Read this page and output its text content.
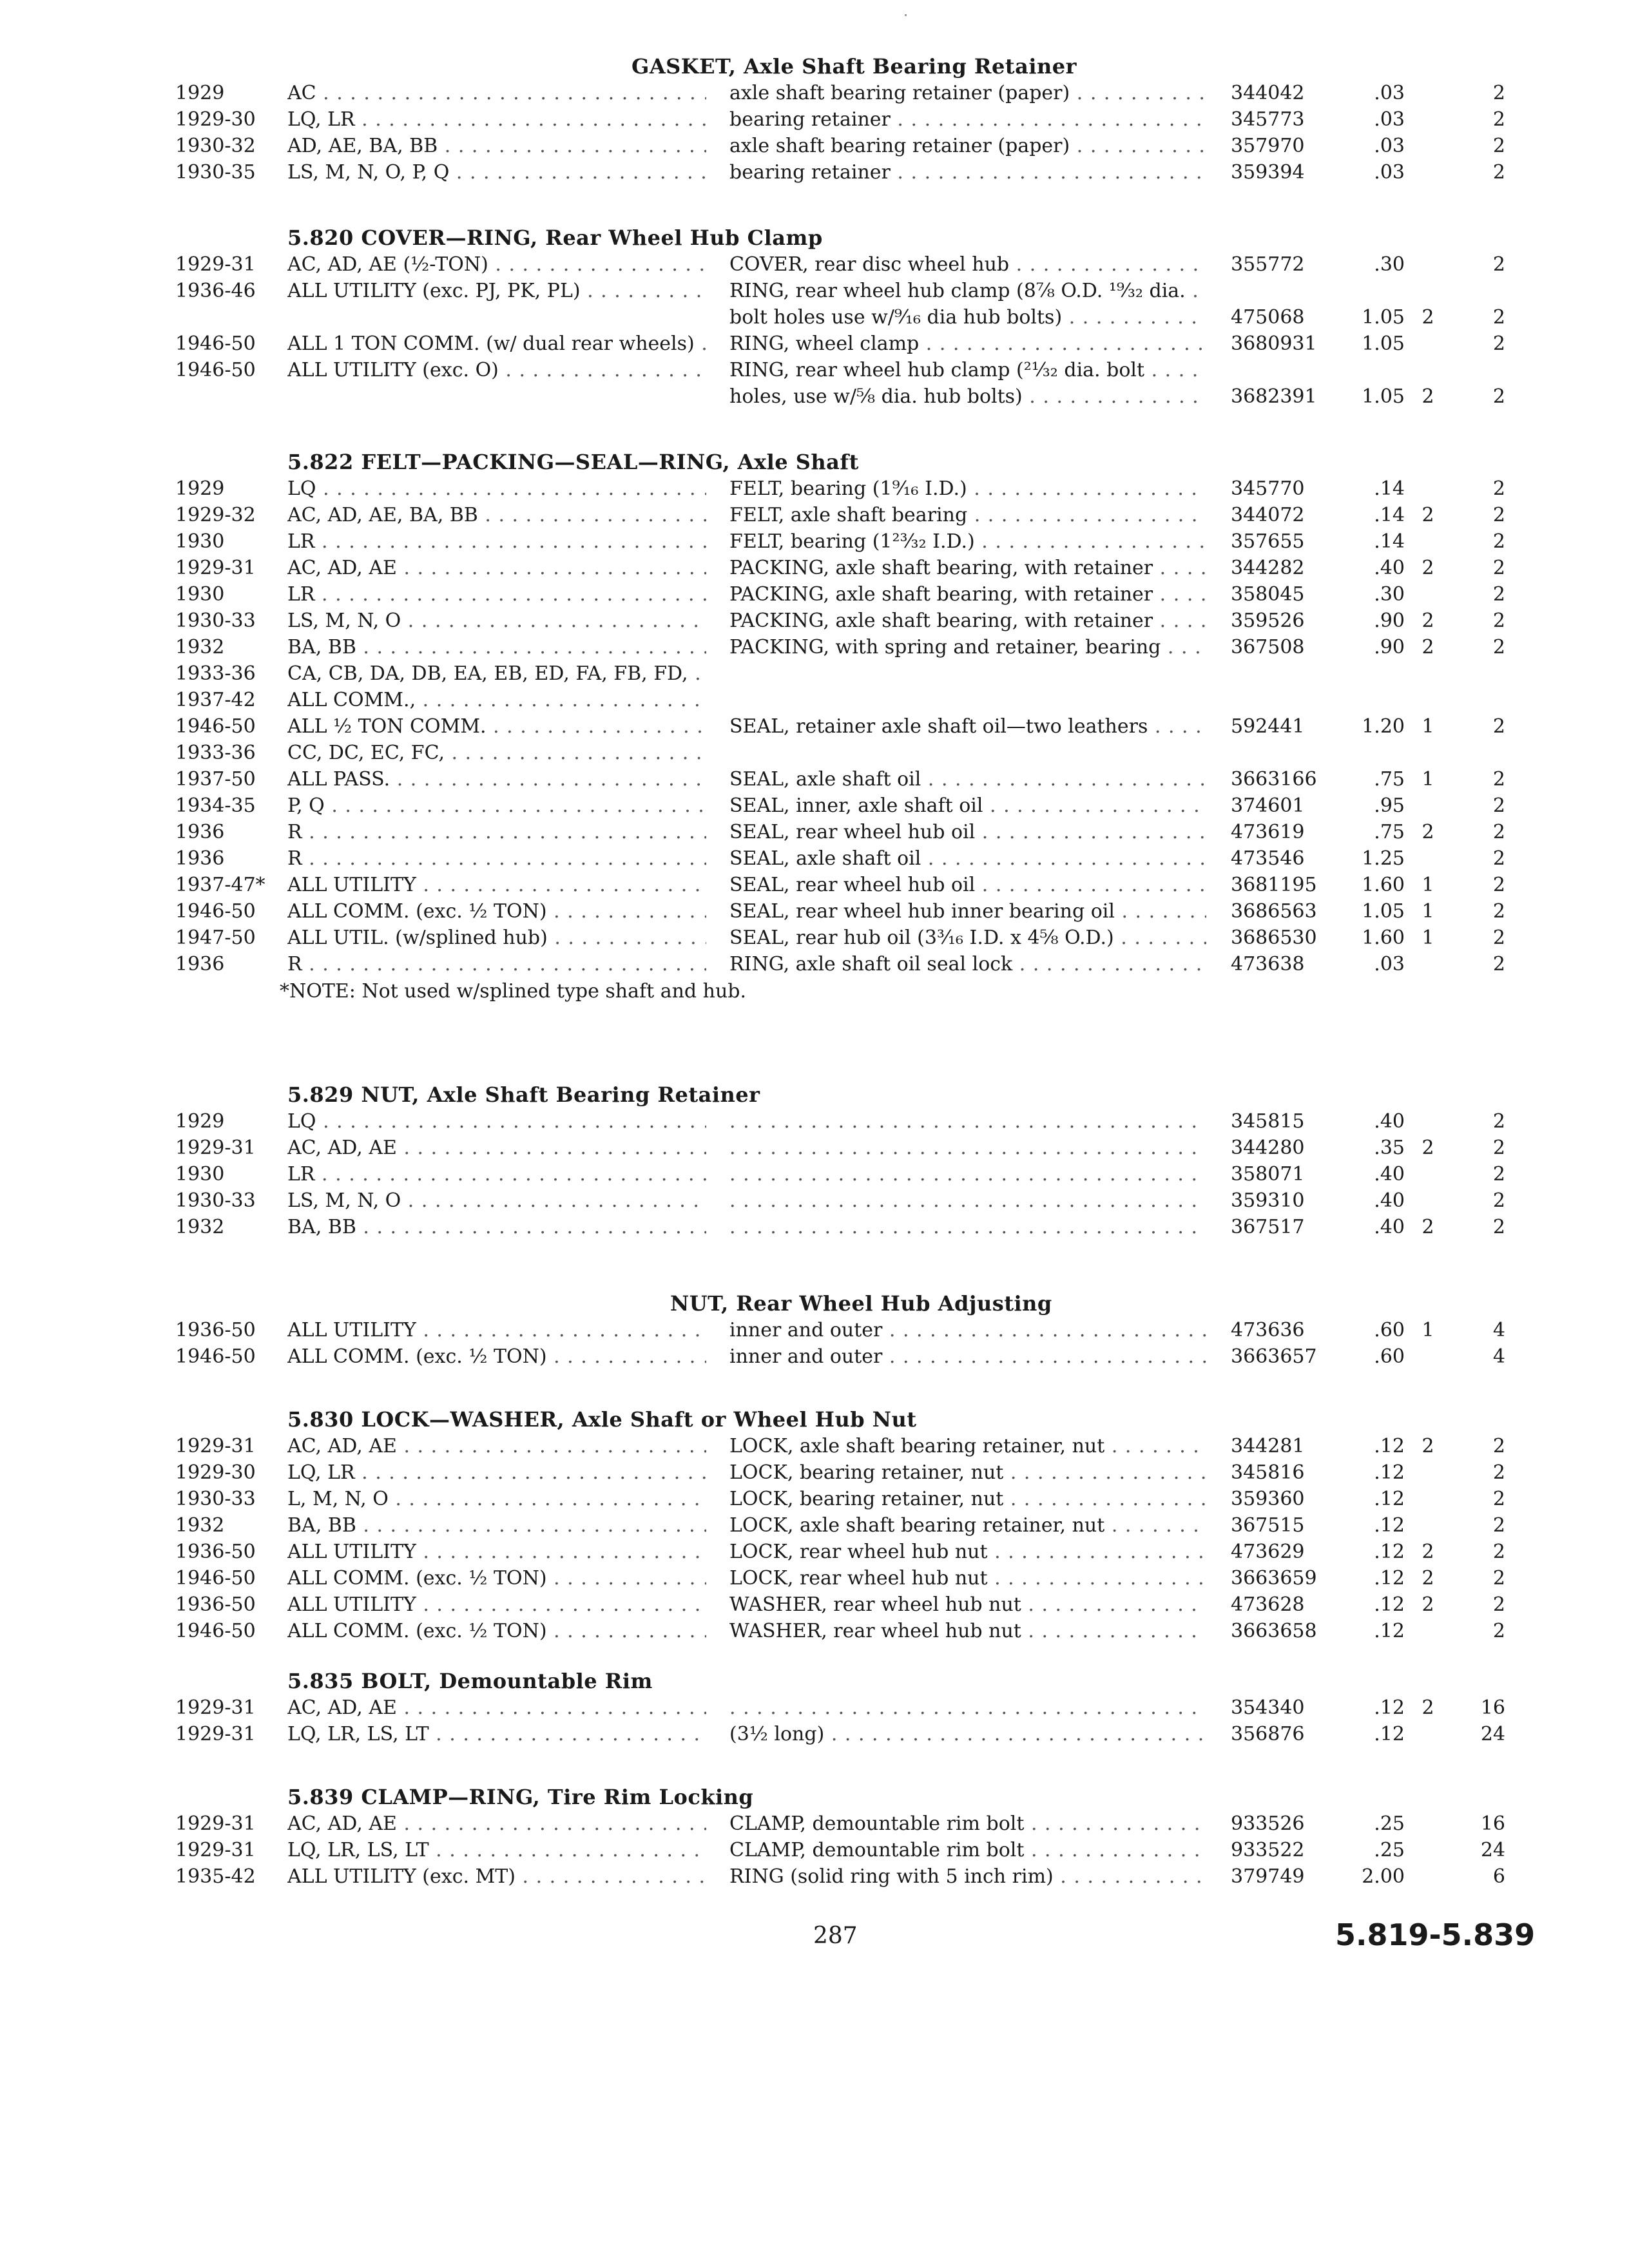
GASKET, Axle Shaft Bearing Retainer
1929	AC . . .	axle shaft bearing retainer (paper) . . .	344042	.03	2
1929-30 LQ, LR . . .	bearing retainer . . .	345773	.03	2
1930-32 AD, AE, BA, BB . . .	axle shaft bearing retainer (paper) . . .	357970	.03	2
1930-35 LS, M, N, O, P, Q . . .	bearing retainer . . .	359394	.03	2
5.820 COVER—RING, Rear Wheel Hub Clamp
1929-31 AC, AD, AE (½-TON) . . .	COVER, rear disc wheel hub . . .	355772	.30	2
1936-46 ALL UTILITY (exc. PJ, PK, PL) . . .	RING, rear wheel hub clamp (8⅞ O.D. ¹⁹⁄₃₂ dia. . . .
bolt holes use w/⁹⁄₁₆ dia hub bolts) . . .	475068	1.05 2	2
1946-50 ALL 1 TON COMM. (w/ dual rear wheels) . . .	RING, wheel clamp . . .	3680931	1.05	2
1946-50 ALL UTILITY (exc. O) . . .	RING, rear wheel hub clamp (²¹⁄₃₂ dia. bolt . . .
holes, use w/⅝ dia. hub bolts) . . .	3682391	1.05 2	2
5.822 FELT—PACKING—SEAL—RING, Axle Shaft
1929	LQ . . .	FELT, bearing (1⁹⁄₁₆ I.D.) . . .	345770	.14	2
1929-32 AC, AD, AE, BA, BB . . .	FELT, axle shaft bearing . . .	344072	.14 2	2
1930	LR . . .	FELT, bearing (1²³⁄₃₂ I.D.) . . .	357655	.14	2
1929-31 AC, AD, AE . . .	PACKING, axle shaft bearing, with retainer . . .	344282	.40 2	2
1930	LR . . .	PACKING, axle shaft bearing, with retainer . . .	358045	.30	2
1930-33 LS, M, N, O . . .	PACKING, axle shaft bearing, with retainer . . .	359526	.90 2	2
1932	BA, BB . . .	PACKING, with spring and retainer, bearing . . .	367508	.90 2	2
1933-36 CA, CB, DA, DB, EA, EB, ED, FA, FB, FD, . . .
1937-42 ALL COMM., . . .
1946-50 ALL ½ TON COMM. . . .	SEAL, retainer axle shaft oil—two leathers . . .	592441	1.20 1	2
1933-36 CC, DC, EC, FC, . . .
1937-50 ALL PASS. . . .	SEAL, axle shaft oil . . .	3663166	.75 1	2
1934-35 P, Q . . .	SEAL, inner, axle shaft oil . . .	374601	.95	2
1936	R . . .	SEAL, rear wheel hub oil . . .	473619	.75 2	2
1936	R . . .	SEAL, axle shaft oil . . .	473546	1.25	2
1937-47* ALL UTILITY . . .	SEAL, rear wheel hub oil . . .	3681195	1.60 1	2
1946-50 ALL COMM. (exc. ½ TON) . . .	SEAL, rear wheel hub inner bearing oil . . .	3686563	1.05 1	2
1947-50 ALL UTIL. (w/splined hub) . . .	SEAL, rear hub oil (3³⁄₁₆ I.D. x 4⅝ O.D.) . . .	3686530	1.60 1	2
1936	R . . .	RING, axle shaft oil seal lock . . .	473638	.03	2
*NOTE: Not used w/splined type shaft and hub.
5.829 NUT, Axle Shaft Bearing Retainer
1929	LQ . . . . . .	345815	.40	2
1929-31 AC, AD, AE . . . . . .	344280	.35 2	2
1930	LR . . . . . .	358071	.40	2
1930-33 LS, M, N, O . . . . . .	359310	.40	2
1932	BA, BB . . . . . .	367517	.40 2	2
NUT, Rear Wheel Hub Adjusting
1936-50 ALL UTILITY . . .	inner and outer . . .	473636	.60 1	4
1946-50 ALL COMM. (exc. ½ TON) . . .	inner and outer . . .	3663657	.60	4
5.830 LOCK—WASHER, Axle Shaft or Wheel Hub Nut
1929-31 AC, AD, AE . . .	LOCK, axle shaft bearing retainer, nut . . .	344281	.12 2	2
1929-30 LQ, LR . . .	LOCK, bearing retainer, nut . . .	345816	.12	2
1930-33 L, M, N, O . . .	LOCK, bearing retainer, nut . . .	359360	.12	2
1932	BA, BB . . .	LOCK, axle shaft bearing retainer, nut . . .	367515	.12	2
1936-50 ALL UTILITY . . .	LOCK, rear wheel hub nut . . .	473629	.12 2	2
1946-50 ALL COMM. (exc. ½ TON) . . .	LOCK, rear wheel hub nut . . .	3663659	.12 2	2
1936-50 ALL UTILITY . . .	WASHER, rear wheel hub nut . . .	473628	.12 2	2
1946-50 ALL COMM. (exc. ½ TON) . . .	WASHER, rear wheel hub nut . . .	3663658	.12	2
5.835 BOLT, Demountable Rim
1929-31 AC, AD, AE . . . . . .	354340	.12 2	16
1929-31 LQ, LR, LS, LT . . .	(3½ long) . . .	356876	.12	24
5.839 CLAMP—RING, Tire Rim Locking
1929-31 AC, AD, AE . . .	CLAMP, demountable rim bolt . . .	933526	.25	16
1929-31 LQ, LR, LS, LT . . .	CLAMP, demountable rim bolt . . .	933522	.25	24
1935-42 ALL UTILITY (exc. MT) . . .	RING (solid ring with 5 inch rim) . . .	379749	2.00	6
287	5.819-5.839
